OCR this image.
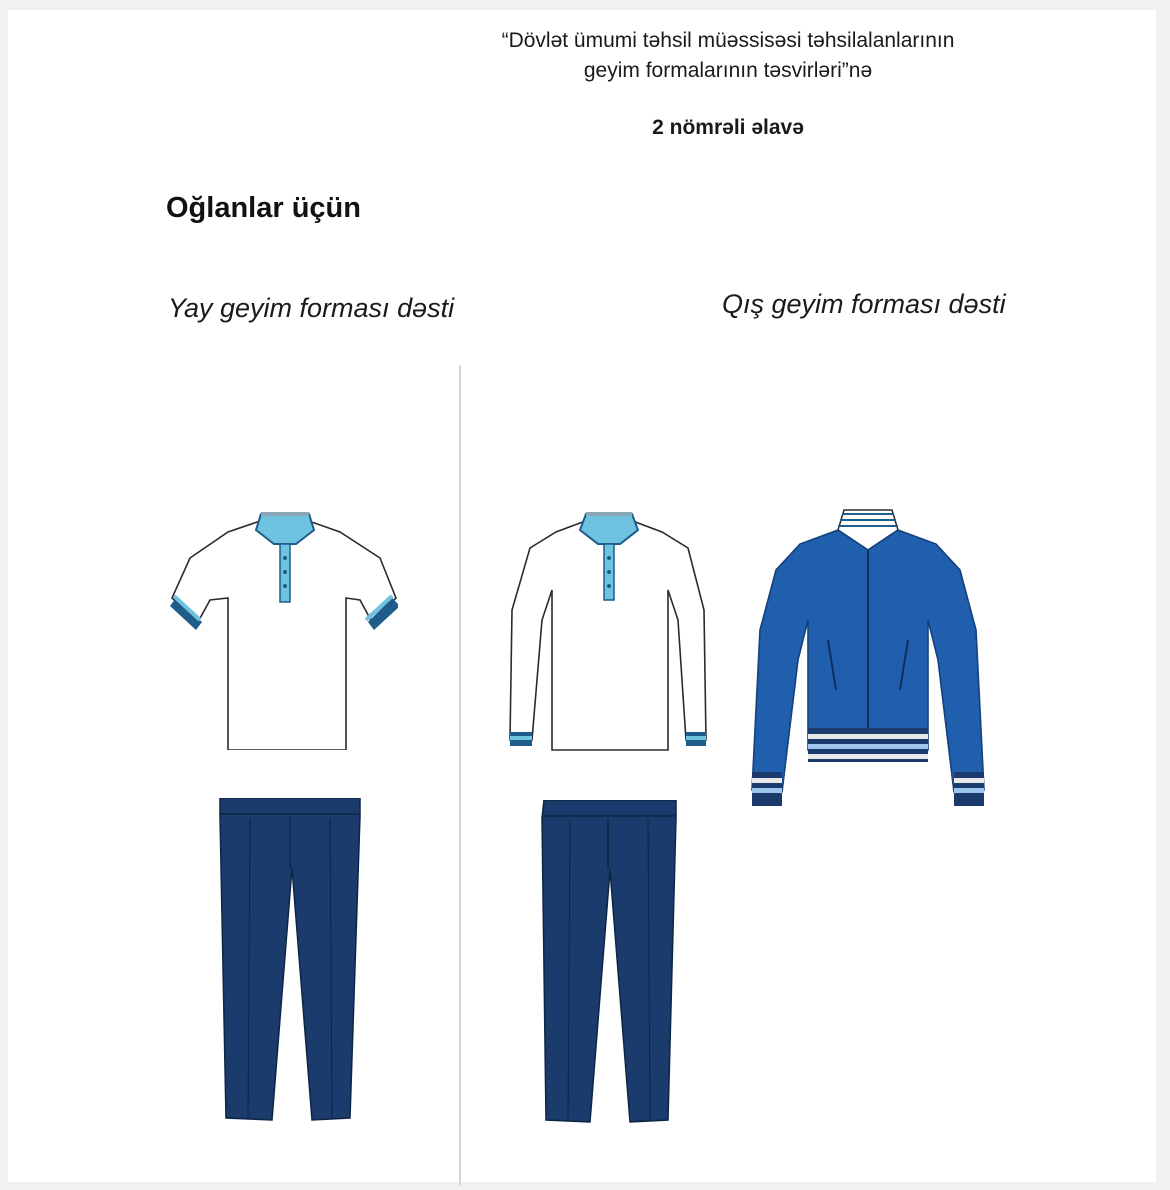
“Dövlət ümumi təhsil müəssisəsi təhsilalanlarının
geyim formalarının təsvirləri”nə
2 nömrəli əlavə
Oğlanlar üçün
Yay geyim forması dəsti	Qış geyim forması dəsti
